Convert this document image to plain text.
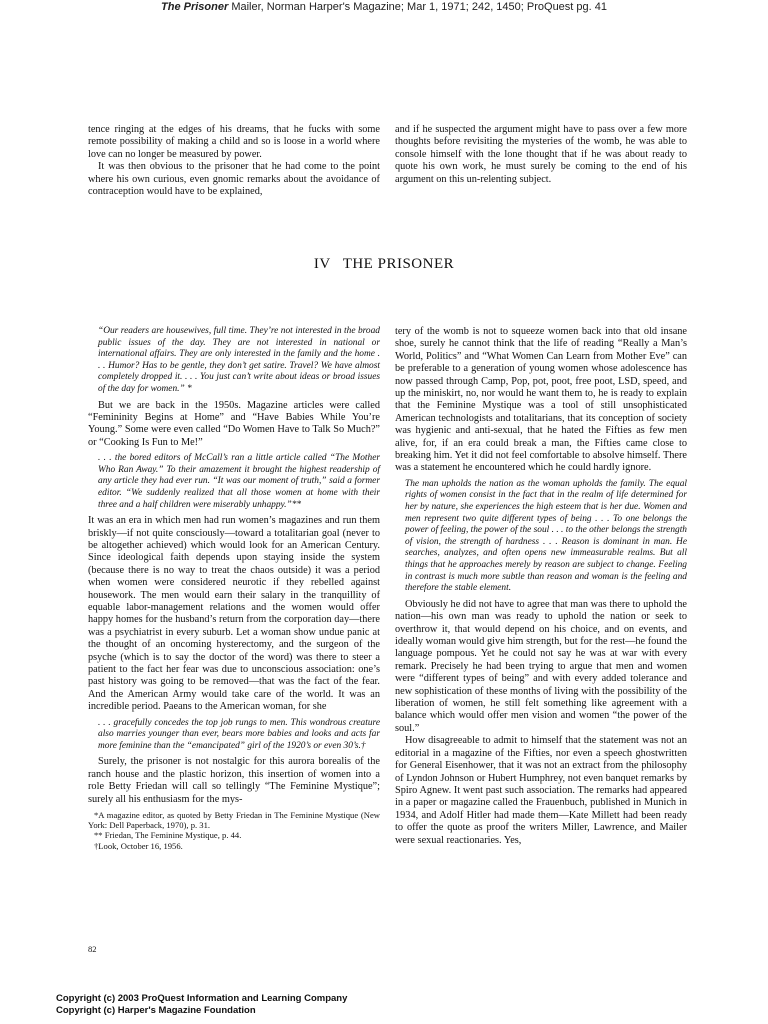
The Prisoner Mailer, Norman Harper's Magazine; Mar 1, 1971; 242, 1450; ProQuest pg. 41

tence ringing at the edges of his dreams, that he fucks with some remote possibility of making a child and so is loose in a world where love can no longer be measured by power.

It was then obvious to the prisoner that he had come to the point where his own curious, even gnomic remarks about the avoidance of contraception would have to be explained,

and if he suspected the argument might have to pass over a few more thoughts before revisiting the mysteries of the womb, he was able to console himself with the lone thought that if he was about ready to quote his own work, he must surely be coming to the end of his argument on this un-relenting subject.

IV THE PRISONER

“Our readers are housewives, full time. They’re not interested in the broad public issues of the day. They are not interested in national or international affairs. They are only interested in the family and the home . . . Humor? Has to be gentle, they don’t get satire. Travel? We have almost completely dropped it. . . . You just can’t write about ideas or broad issues of the day for women.” *

But we are back in the 1950s. Magazine articles were called “Femininity Begins at Home” and “Have Babies While You’re Young.” Some were even called “Do Women Have to Talk So Much?” or “Cooking Is Fun to Me!”

. . . the bored editors of McCall’s ran a little article called “The Mother Who Ran Away.” To their amazement it brought the highest readership of any article they had ever run. “It was our moment of truth,” said a former editor. “We suddenly realized that all those women at home with their three and a half children were miserably unhappy.”**

It was an era in which men had run women’s magazines and run them briskly—if not quite consciously—toward a totalitarian goal (never to be altogether achieved) which would look for an American Century. Since ideological faith depends upon staying inside the system (because there is no way to treat the chaos outside) it was a period when women were considered neurotic if they rebelled against housework. The men would earn their salary in the tranquillity of equable labor-management relations and the women would offer happy homes for the husband’s return from the corporation day—there was a psychiatrist in every suburb. Let a woman show undue panic at the thought of an oncoming hysterectomy, and the surgeon of the psyche (which is to say the doctor of the word) was there to steer a patient to the fact her fear was due to unconscious association: one’s past history was going to be removed—that was the fact of the fear. And the American Army would take care of the world. It was an incredible period. Paeans to the American woman, for she

. . . gracefully concedes the top job rungs to men. This wondrous creature also marries younger than ever, bears more babies and looks and acts far more feminine than the “emancipated” girl of the 1920’s or even 30’s.†

Surely, the prisoner is not nostalgic for this aurora borealis of the ranch house and the plastic horizon, this insertion of women into a role Betty Friedan will call so tellingly “The Feminine Mystique”; surely all his enthusiasm for the mys-

*A magazine editor, as quoted by Betty Friedan in The Feminine Mystique (New York: Dell Paperback, 1970), p. 31.

** Friedan, The Feminine Mystique, p. 44.

†Look, October 16, 1956.

82

tery of the womb is not to squeeze women back into that old insane shoe, surely he cannot think that the life of reading “Really a Man’s World, Politics” and “What Women Can Learn from Mother Eve” can be preferable to a generation of young women whose adolescence has now passed through Camp, Pop, pot, poot, free poot, LSD, speed, and up the miniskirt, no, nor would he want them to, he is ready to explain that the Feminine Mystique was a tool of still unsophisticated American technologists and totalitarians, that its conception of society was hygienic and anti-sexual, that he hated the Fifties as few men alive, for, if an era could break a man, the Fifties came close to breaking him. Yet it did not feel comfortable to absolve himself. There was a statement he encountered which he could hardly ignore.

The man upholds the nation as the woman upholds the family. The equal rights of women consist in the fact that in the realm of life determined for her by nature, she experiences the high esteem that is her due. Women and men represent two quite different types of being . . . To one belongs the power of feeling, the power of the soul . . . to the other belongs the strength of vision, the strength of hardness . . . Reason is dominant in man. He searches, analyzes, and often opens new immeasurable realms. But all things that he approaches merely by reason are subject to change. Feeling in contrast is much more subtle than reason and woman is the feeling and therefore the stable element.

Obviously he did not have to agree that man was there to uphold the nation—his own man was ready to uphold the nation or seek to overthrow it, that would depend on his choice, and on events, and ideally woman would give him strength, but for the rest—he found the language pompous. Yet he could not say he was at war with every remark. Precisely he had been trying to argue that men and women were “different types of being” and with every added tolerance and new sophistication of these months of living with the possibility of the liberation of women, he still felt something like agreement with a balance which would offer men vision and women “the power of the soul.”

How disagreeable to admit to himself that the statement was not an editorial in a magazine of the Fifties, nor even a speech ghostwritten for General Eisenhower, that it was not an extract from the philosophy of Lyndon Johnson or Hubert Humphrey, not even banquet remarks by Spiro Agnew. It went past such association. The remarks had appeared in a paper or magazine called the Frauenbuch, published in Munich in 1934, and Adolf Hitler had made them—Kate Millett had been ready to offer the quote as proof the writers Miller, Lawrence, and Mailer were sexual reactionaries. Yes,

Copyright (c) 2003 ProQuest Information and Learning Company
Copyright (c) Harper's Magazine Foundation
